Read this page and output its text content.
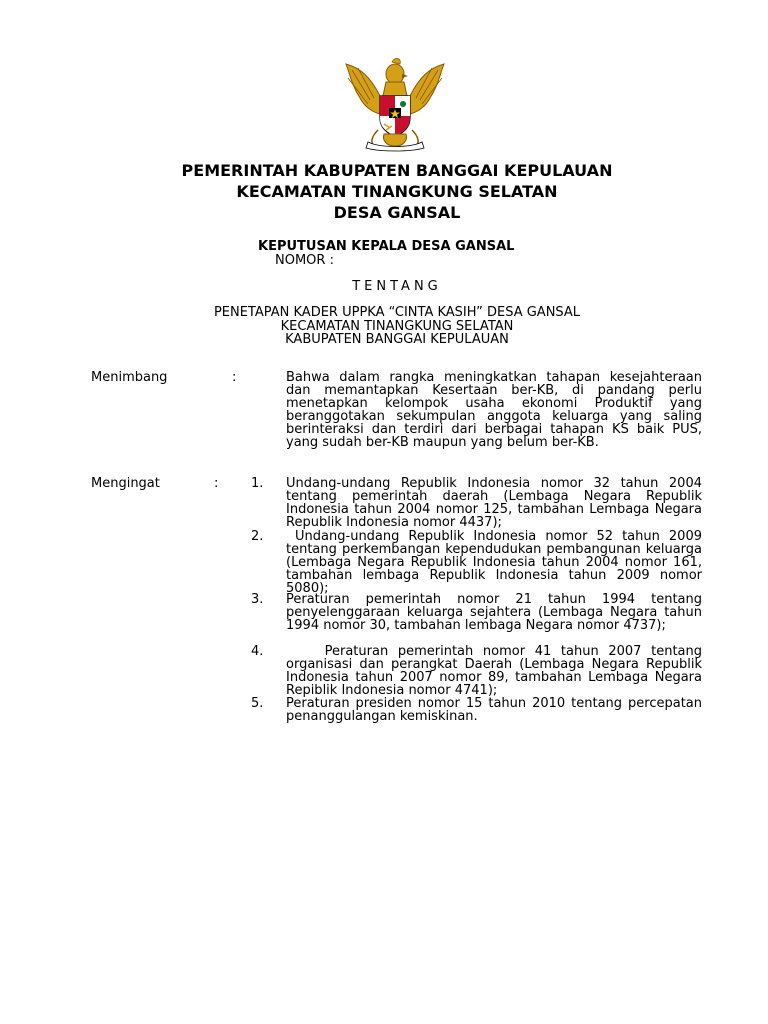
PEMERINTAH KABUPATEN BANGGAI KEPULAUAN
KECAMATAN TINANGKUNG SELATAN
DESA GANSAL
KEPUTUSAN KEPALA DESA GANSAL
NOMOR :
TENTANG
PENETAPAN KADER UPPKA “CINTA KASIH” DESA GANSAL
KECAMATAN TINANGKUNG SELATAN
KABUPATEN BANGGAI KEPULAUAN
Menimbang	:	Bahwa dalam rangka meningkatkan tahapan kesejahteraan dan memantapkan Kesertaan ber-KB, di pandang perlu menetapkan kelompok usaha ekonomi Produktif yang beranggotakan sekumpulan anggota keluarga yang saling berinteraksi dan terdiri dari berbagai tahapan KS baik PUS, yang sudah ber-KB maupun yang belum ber-KB.
Mengingat	:	1. Undang-undang Republik Indonesia nomor 32 tahun 2004 tentang pemerintah daerah (Lembaga Negara Republik Indonesia tahun 2004 nomor 125, tambahan Lembaga Negara Republik Indonesia nomor 4437);
2. Undang-undang Republik Indonesia nomor 52 tahun 2009 tentang perkembangan kependudukan pembangunan keluarga (Lembaga Negara Republik Indonesia tahun 2004 nomor 161, tambahan lembaga Republik Indonesia tahun 2009 nomor 5080);
3. Peraturan pemerintah nomor 21 tahun 1994 tentang penyelenggaraan keluarga sejahtera (Lembaga Negara tahun 1994 nomor 30, tambahan lembaga Negara nomor 4737);
4. Peraturan pemerintah nomor 41 tahun 2007 tentang organisasi dan perangkat Daerah (Lembaga Negara Republik Indonesia tahun 2007 nomor 89, tambahan Lembaga Negara Repiblik Indonesia nomor 4741);
5. Peraturan presiden nomor 15 tahun 2010 tentang percepatan penanggulangan kemiskinan.
